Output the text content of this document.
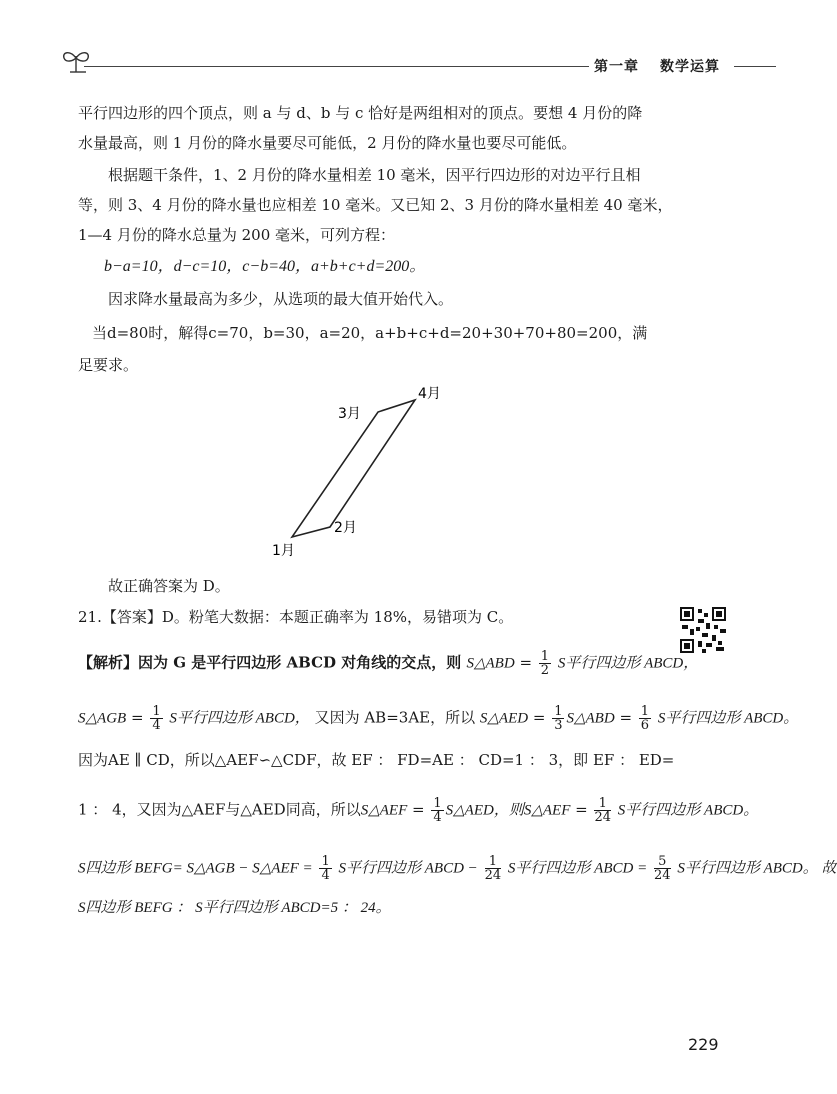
第一章 数学运算
平行四边形的四个顶点，则 a 与 d、b 与 c 恰好是两组相对的顶点。要想 4 月份的降
水量最高，则 1 月份的降水量要尽可能低，2 月份的降水量也要尽可能低。
根据题干条件，1、2 月份的降水量相差 10 毫米，因平行四边形的对边平行且相
等，则 3、4 月份的降水量也应相差 10 毫米。又已知 2、3 月份的降水量相差 40 毫米，
1—4 月份的降水总量为 200 毫米，可列方程：
b−a=10，d−c=10，c−b=40，a+b+c+d=200。
因求降水量最高为多少，从选项的最大值开始代入。
当d=80时，解得c=70，b=30，a=20，a+b+c+d=20+30+70+80=200，满
足要求。
1月
2月
3月
4月
故正确答案为 D。
21.【答案】D。粉笔大数据：本题正确率为 18%，易错项为 C。
【解析】因为 G 是平行四边形 ABCD 对角线的交点，则 S△ABD = $\frac{1}{2}$ S平行四边形 ABCD，
S△AGB = $\frac{1}{4}$ S平行四边形 ABCD， 又因为 AB=3AE，所以 S△AED = $\frac{1}{3}$ S△ABD = $\frac{1}{6}$ S平行四边形 ABCD。
因为AE ∥ CD，所以△AEF∽△CDF，故 EF ： FD=AE ： CD=1 ： 3，即 EF ： ED=
1 ： 4，又因为△AEF与△AED同高，所以S△AEF = $\frac{1}{4}$ S△AED，则S△AEF = $\frac{1}{24}$ S平行四边形 ABCD。
S四边形 BEFG= S△AGB − S△AEF = $\frac{1}{4}$ S平行四边形 ABCD − $\frac{1}{24}$ S平行四边形 ABCD = $\frac{5}{24}$ S平行四边形 ABCD。 故
S四边形 BEFG ： S平行四边形 ABCD=5 ： 24。
229
